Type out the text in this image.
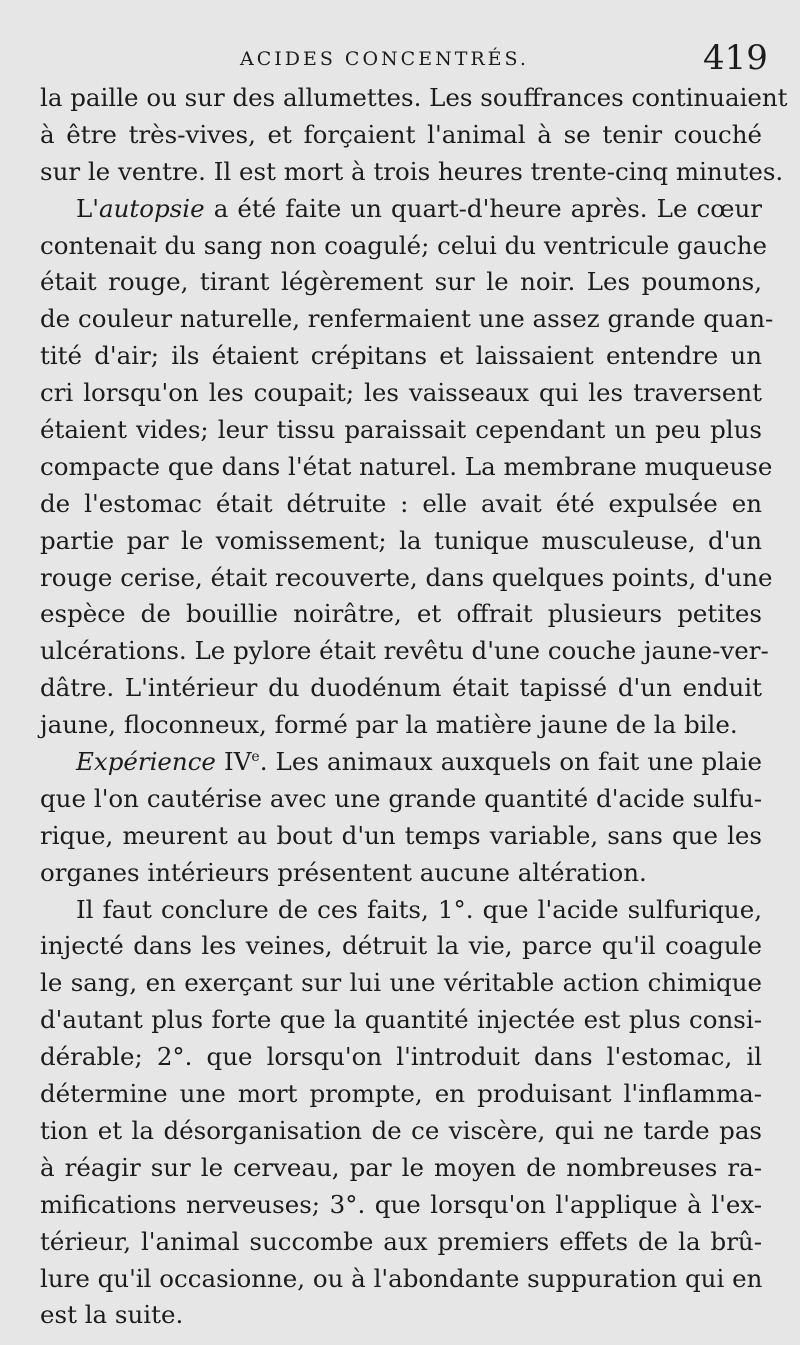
ACIDES CONCENTRÉS.	419
la paille ou sur des allumettes. Les souffrances continuaient
à être très-vives, et forçaient l'animal à se tenir couché
sur le ventre. Il est mort à trois heures trente-cinq minutes.
L'autopsie a été faite un quart-d'heure après. Le cœur
contenait du sang non coagulé; celui du ventricule gauche
était rouge, tirant légèrement sur le noir. Les poumons,
de couleur naturelle, renfermaient une assez grande quan-
tité d'air; ils étaient crépitans et laissaient entendre un
cri lorsqu'on les coupait; les vaisseaux qui les traversent
étaient vides; leur tissu paraissait cependant un peu plus
compacte que dans l'état naturel. La membrane muqueuse
de l'estomac était détruite : elle avait été expulsée en
partie par le vomissement; la tunique musculeuse, d'un
rouge cerise, était recouverte, dans quelques points, d'une
espèce de bouillie noirâtre, et offrait plusieurs petites
ulcérations. Le pylore était revêtu d'une couche jaune-ver-
dâtre. L'intérieur du duodénum était tapissé d'un enduit
jaune, floconneux, formé par la matière jaune de la bile.
Expérience IVe. Les animaux auxquels on fait une plaie
que l'on cautérise avec une grande quantité d'acide sulfu-
rique, meurent au bout d'un temps variable, sans que les
organes intérieurs présentent aucune altération.
Il faut conclure de ces faits, 1°. que l'acide sulfurique,
injecté dans les veines, détruit la vie, parce qu'il coagule
le sang, en exerçant sur lui une véritable action chimique
d'autant plus forte que la quantité injectée est plus consi-
dérable; 2°. que lorsqu'on l'introduit dans l'estomac, il
détermine une mort prompte, en produisant l'inflamma-
tion et la désorganisation de ce viscère, qui ne tarde pas
à réagir sur le cerveau, par le moyen de nombreuses ra-
mifications nerveuses; 3°. que lorsqu'on l'applique à l'ex-
térieur, l'animal succombe aux premiers effets de la brû-
lure qu'il occasionne, ou à l'abondante suppuration qui en
est la suite.
